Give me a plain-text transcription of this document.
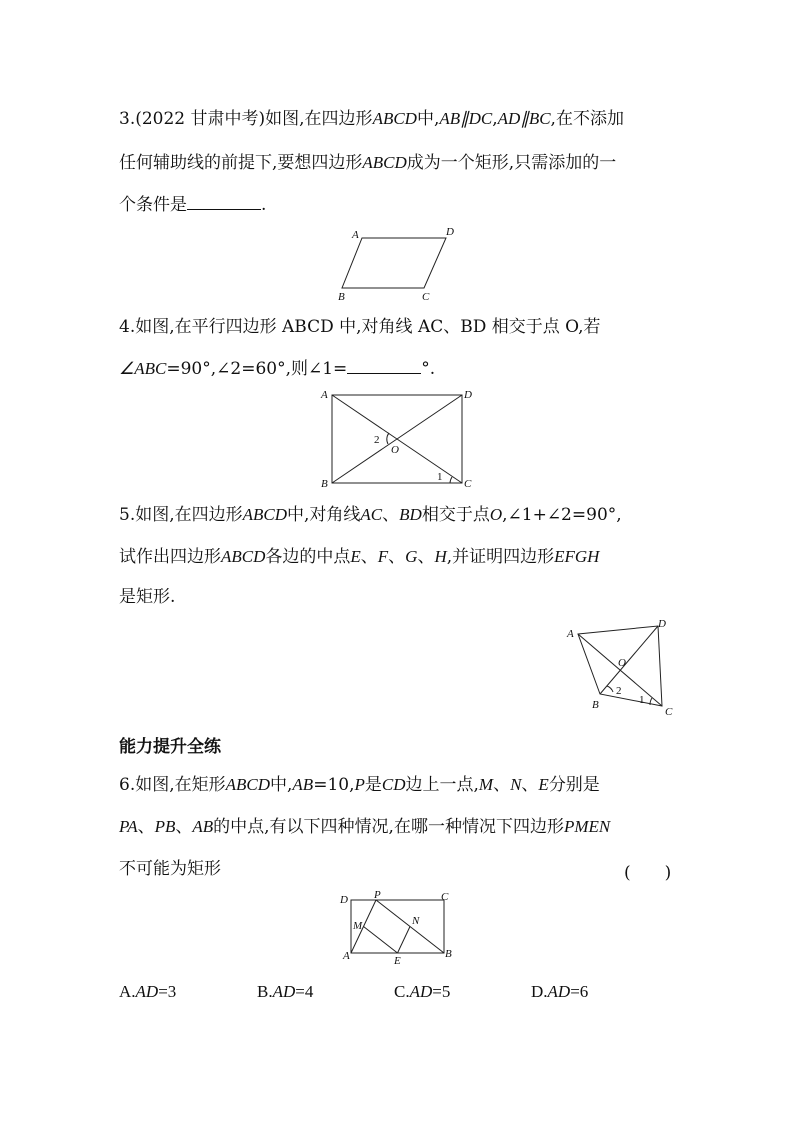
3.(2022 甘肃中考)如图,在四边形ABCD中,AB∥DC,AD∥BC,在不添加
任何辅助线的前提下,要想四边形ABCD成为一个矩形,只需添加的一
个条件是	.
A	D
B	C
4.如图,在平行四边形 ABCD 中,对角线 AC、BD 相交于点 O,若
∠ABC=90°,∠2=60°,则∠1=	°.
A	D
B	C
O
2
1
5.如图,在四边形ABCD中,对角线AC、BD相交于点O,∠1+∠2=90°,
试作出四边形ABCD各边的中点E、F、G、H,并证明四边形EFGH
是矩形.
A
D
O
B
C
2
1
能力提升全练
6.如图,在矩形ABCD中,AB=10,P是CD边上一点,M、N、E分别是
PA、PB、AB的中点,有以下四种情况,在哪一种情况下四边形PMEN
不可能为矩形	(　　)
D P	C
N
M
A	E
B
A.AD=3	B.AD=4	C.AD=5	D.AD=6
